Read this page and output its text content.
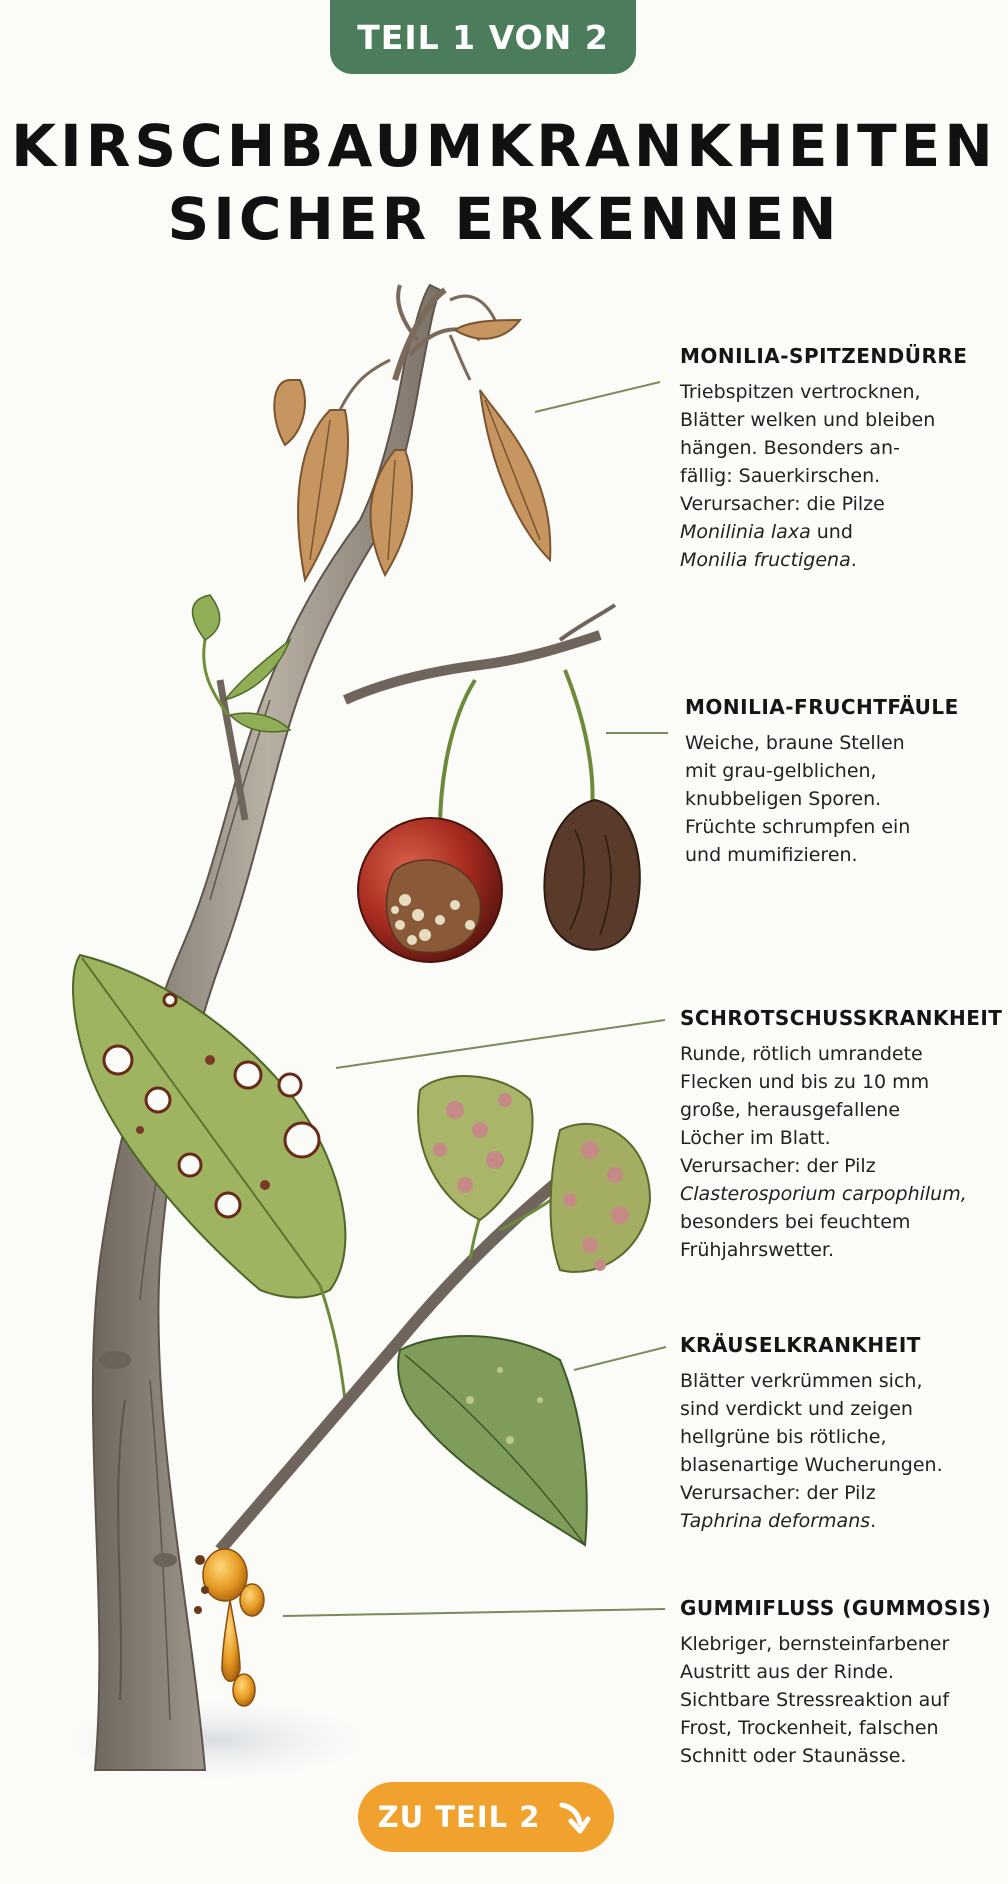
TEIL 1 VON 2
KIRSCHBAUMKRANKHEITEN
SICHER ERKENNEN
MONILIA-SPITZENDÜRRE

Triebspitzen vertrocknen,
Blätter welken und bleiben
hängen. Besonders an-
fällig: Sauerkirschen.
Verursacher: die Pilze
Monilinia laxa und
Monilia fructigena.

MONILIA-FRUCHTFÄULE

Weiche, braune Stellen
mit grau-gelblichen,
knubbeligen Sporen.
Früchte schrumpfen ein
und mumifizieren.

SCHROTSCHUSSKRANKHEIT

Runde, rötlich umrandete
Flecken und bis zu 10 mm
große, herausgefallene
Löcher im Blatt.
Verursacher: der Pilz
Clasterosporium carpophilum,
besonders bei feuchtem
Frühjahrswetter.

KRÄUSELKRANKHEIT

Blätter verkrümmen sich,
sind verdickt und zeigen
hellgrüne bis rötliche,
blasenartige Wucherungen.
Verursacher: der Pilz
Taphrina deformans.

GUMMIFLUSS (GUMMOSIS)

Klebriger, bernsteinfarbener
Austritt aus der Rinde.
Sichtbare Stressreaktion auf
Frost, Trockenheit, falschen
Schnitt oder Staunässe.

ZU TEIL 2
